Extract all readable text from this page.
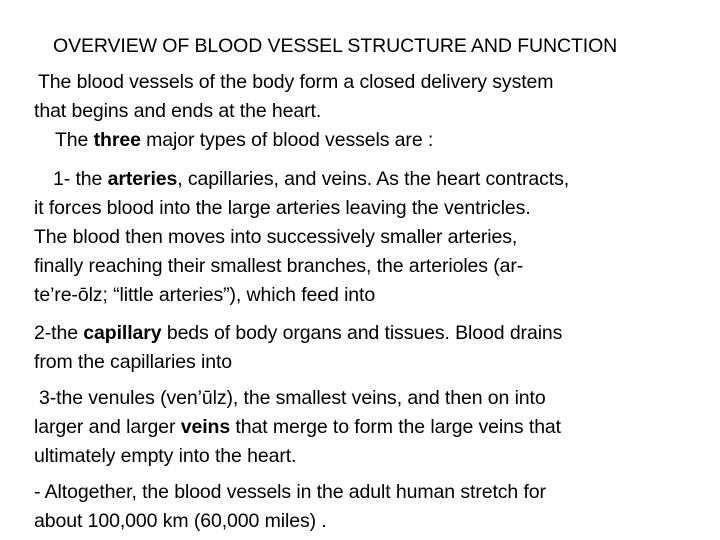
OVERVIEW OF BLOOD VESSEL STRUCTURE AND FUNCTION
The blood vessels of the body form a closed delivery system
that begins and ends at the heart.
The three major types of blood vessels are :
1- the arteries, capillaries, and veins. As the heart contracts,
it forces blood into the large arteries leaving the ventricles.
The blood then moves into successively smaller arteries,
finally reaching their smallest branches, the arterioles (ar-
te’re-ōlz; “little arteries”), which feed into
2-the capillary beds of body organs and tissues. Blood drains
from the capillaries into
3-the venules (ven’ūlz), the smallest veins, and then on into
larger and larger veins that merge to form the large veins that
ultimately empty into the heart.
- Altogether, the blood vessels in the adult human stretch for
about 100,000 km (60,000 miles) .
